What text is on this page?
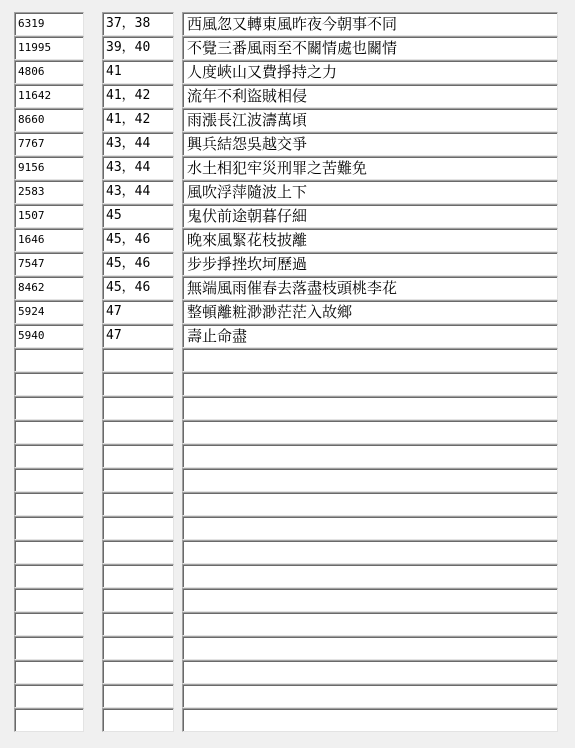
6319	37，38	西風忽又轉東風昨夜今朝事不同
11995	39，40	不覺三番風雨至不關情處也關情
4806	41	人度峽山又費掙持之力
11642	41，42	流年不利盜賊相侵
8660	41，42	雨漲長江波濤萬頃
7767	43，44	興兵結怨吳越交爭
9156	43，44	水土相犯牢災刑罪之苦難免
2583	43，44	風吹浮萍隨波上下
1507	45	鬼伏前途朝暮仔細
1646	45，46	晚來風緊花枝披離
7547	45，46	步步掙挫坎坷歷過
8462	45，46	無端風雨催春去落盡枝頭桃李花
5924	47	整頓離粧渺渺茫茫入故鄉
5940	47	壽止命盡
